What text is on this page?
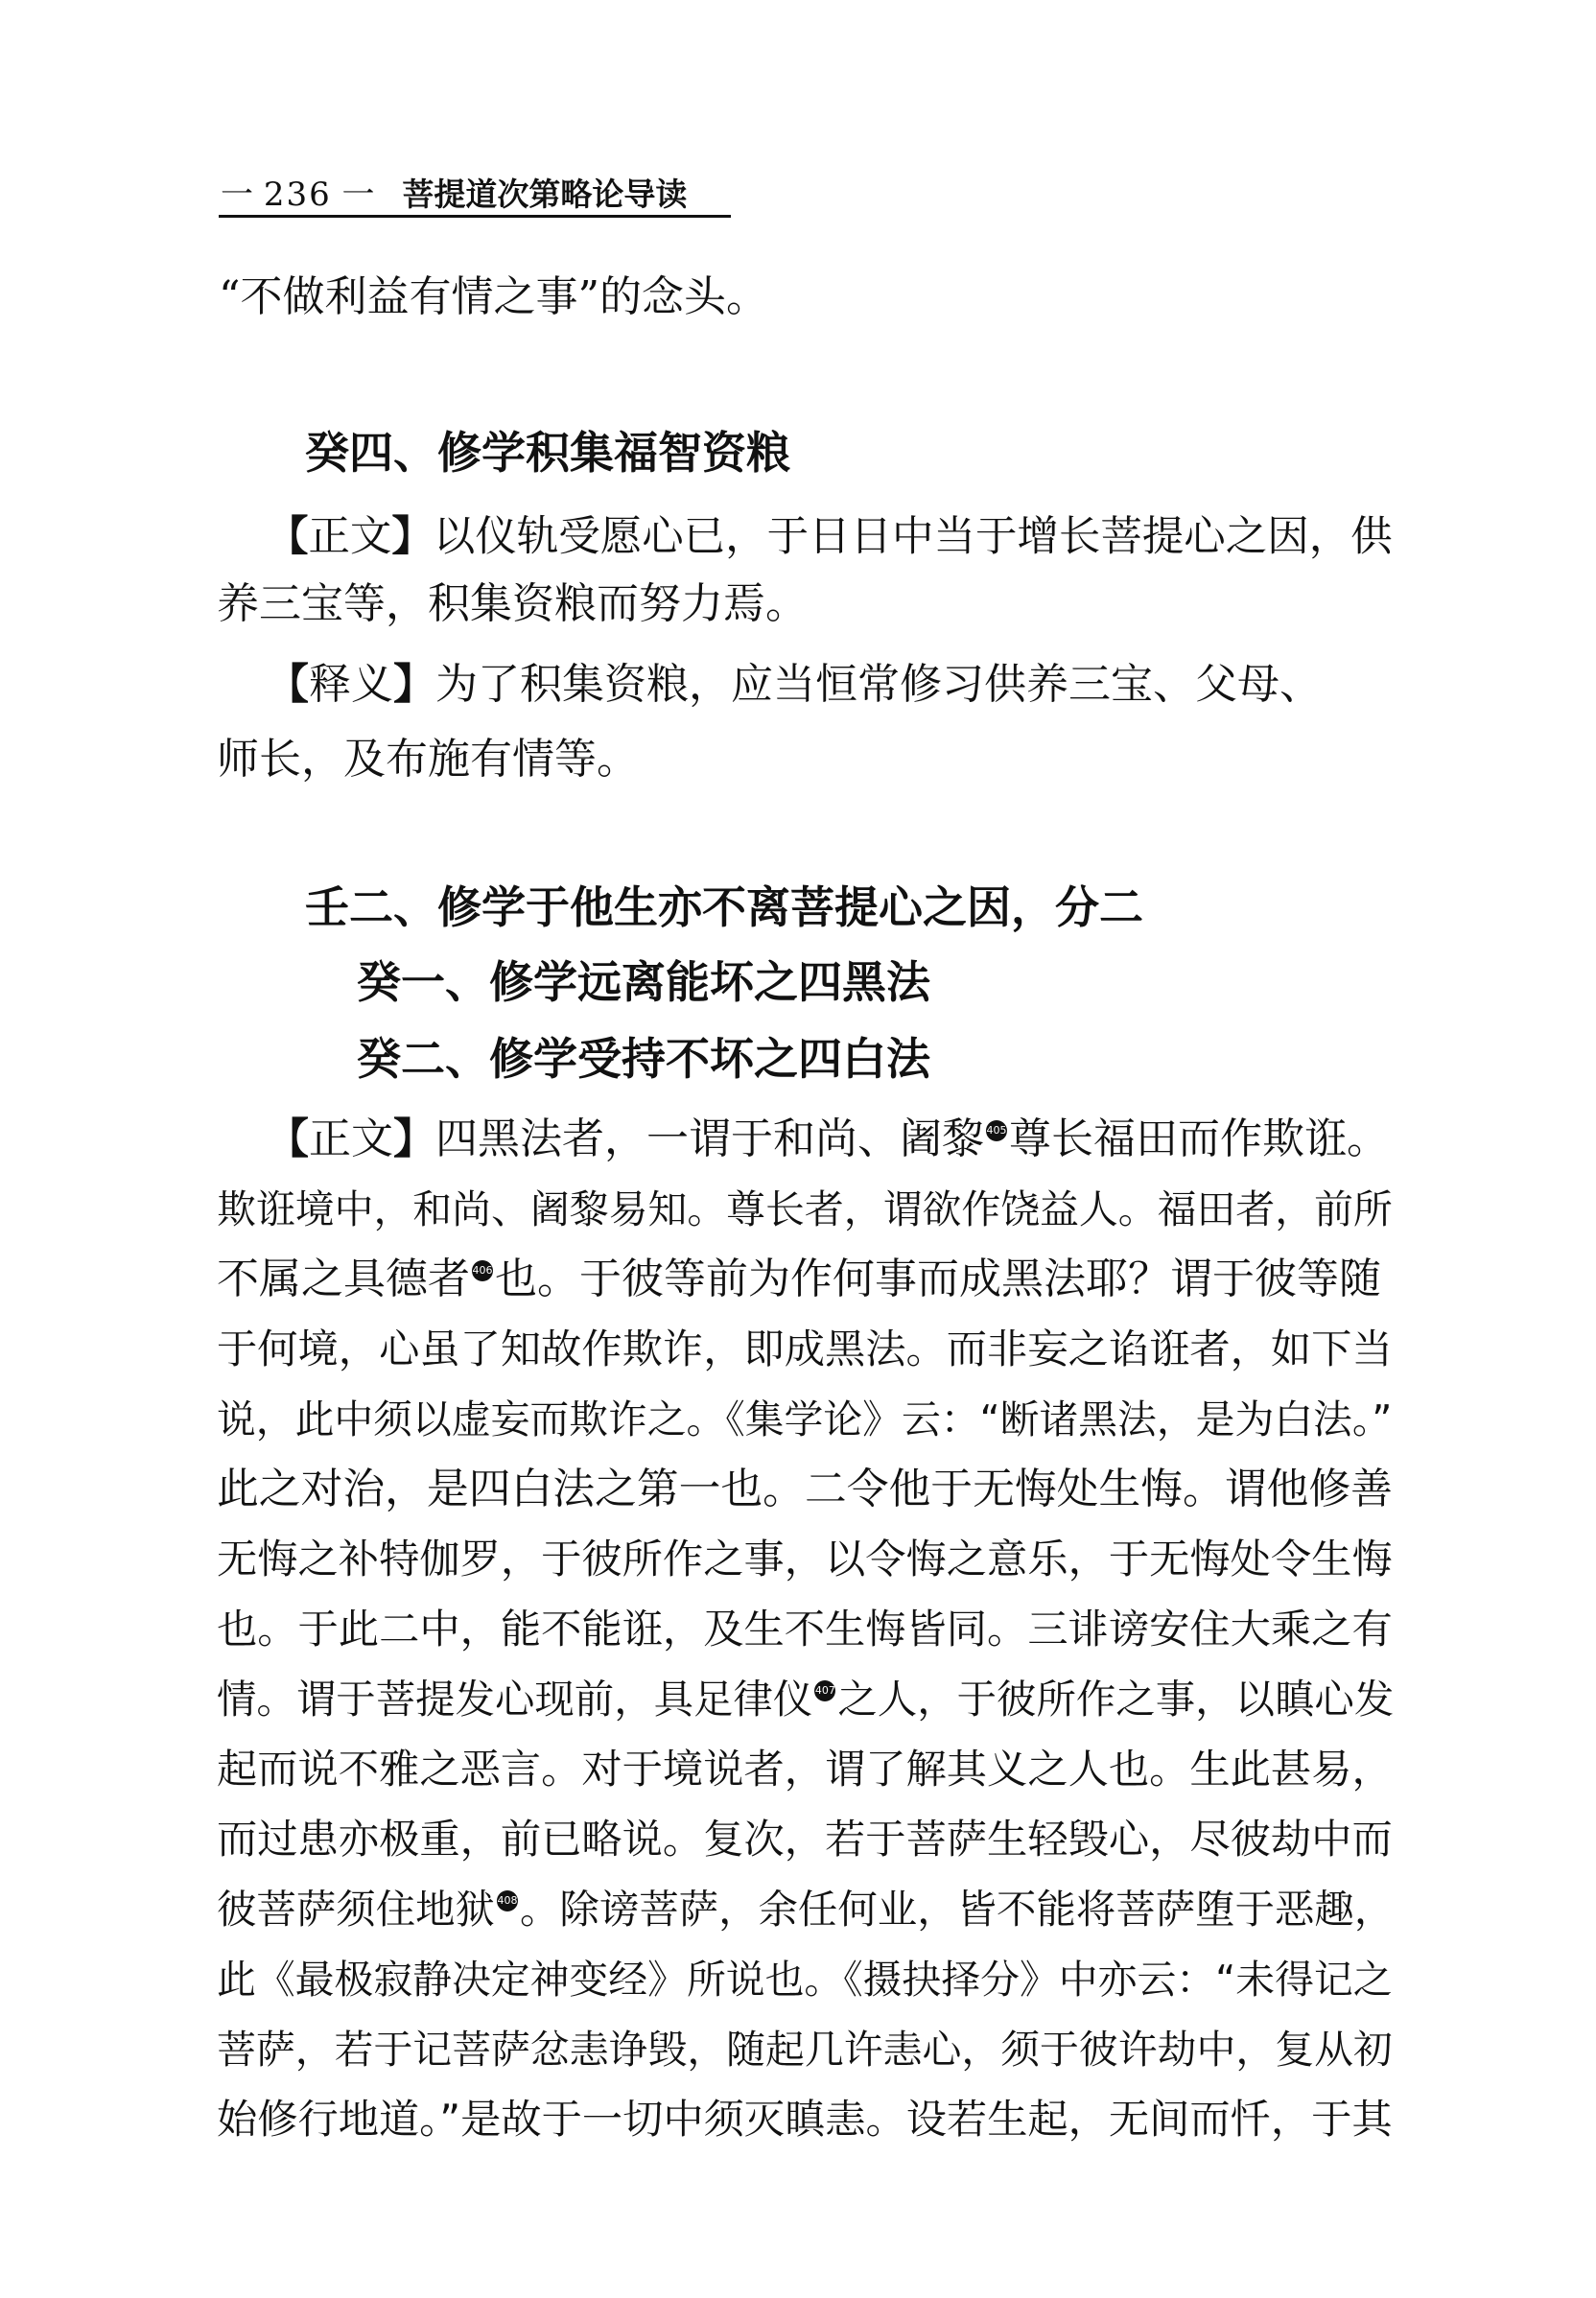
一 236 一 菩提道次第略论导读
“不做利益有情之事”的念头。
癸四、修学积集福智资粮
【正文】以仪轨受愿心已，于日日中当于增长菩提心之因，供
养三宝等，积集资粮而努力焉。
【释义】为了积集资粮，应当恒常修习供养三宝、父母、
师长，及布施有情等。
壬二、修学于他生亦不离菩提心之因，分二
癸一、修学远离能坏之四黑法
癸二、修学受持不坏之四白法
【正文】四黑法者，一谓于和尚、阇黎 405尊长福田而作欺诳。
欺诳境中，和尚、阇黎易知。尊长者，谓欲作饶益人。福田者，前所
不属之具德者 406也。于彼等前为作何事而成黑法耶？谓于彼等随
于何境，心虽了知故作欺诈，即成黑法。而非妄之谄诳者，如下当
说，此中须以虚妄而欺诈之。《集学论》云：“断诸黑法，是为白法。”
此之对治，是四白法之第一也。二令他于无悔处生悔。谓他修善
无悔之补特伽罗，于彼所作之事，以令悔之意乐，于无悔处令生悔
也。于此二中，能不能诳，及生不生悔皆同。三诽谤安住大乘之有
情。谓于菩提发心现前，具足律仪 407之人，于彼所作之事，以瞋心发
起而说不雅之恶言。对于境说者，谓了解其义之人也。生此甚易，
而过患亦极重，前已略说。复次，若于菩萨生轻毁心，尽彼劫中而
彼菩萨须住地狱 408。除谤菩萨，余任何业，皆不能将菩萨堕于恶趣，
此《最极寂静决定神变经》所说也。《摄抉择分》中亦云：“未得记之
菩萨，若于记菩萨忿恚诤毁，随起几许恚心，须于彼许劫中，复从初
始修行地道。”是故于一切中须灭瞋恚。设若生起，无间而忏，于其
